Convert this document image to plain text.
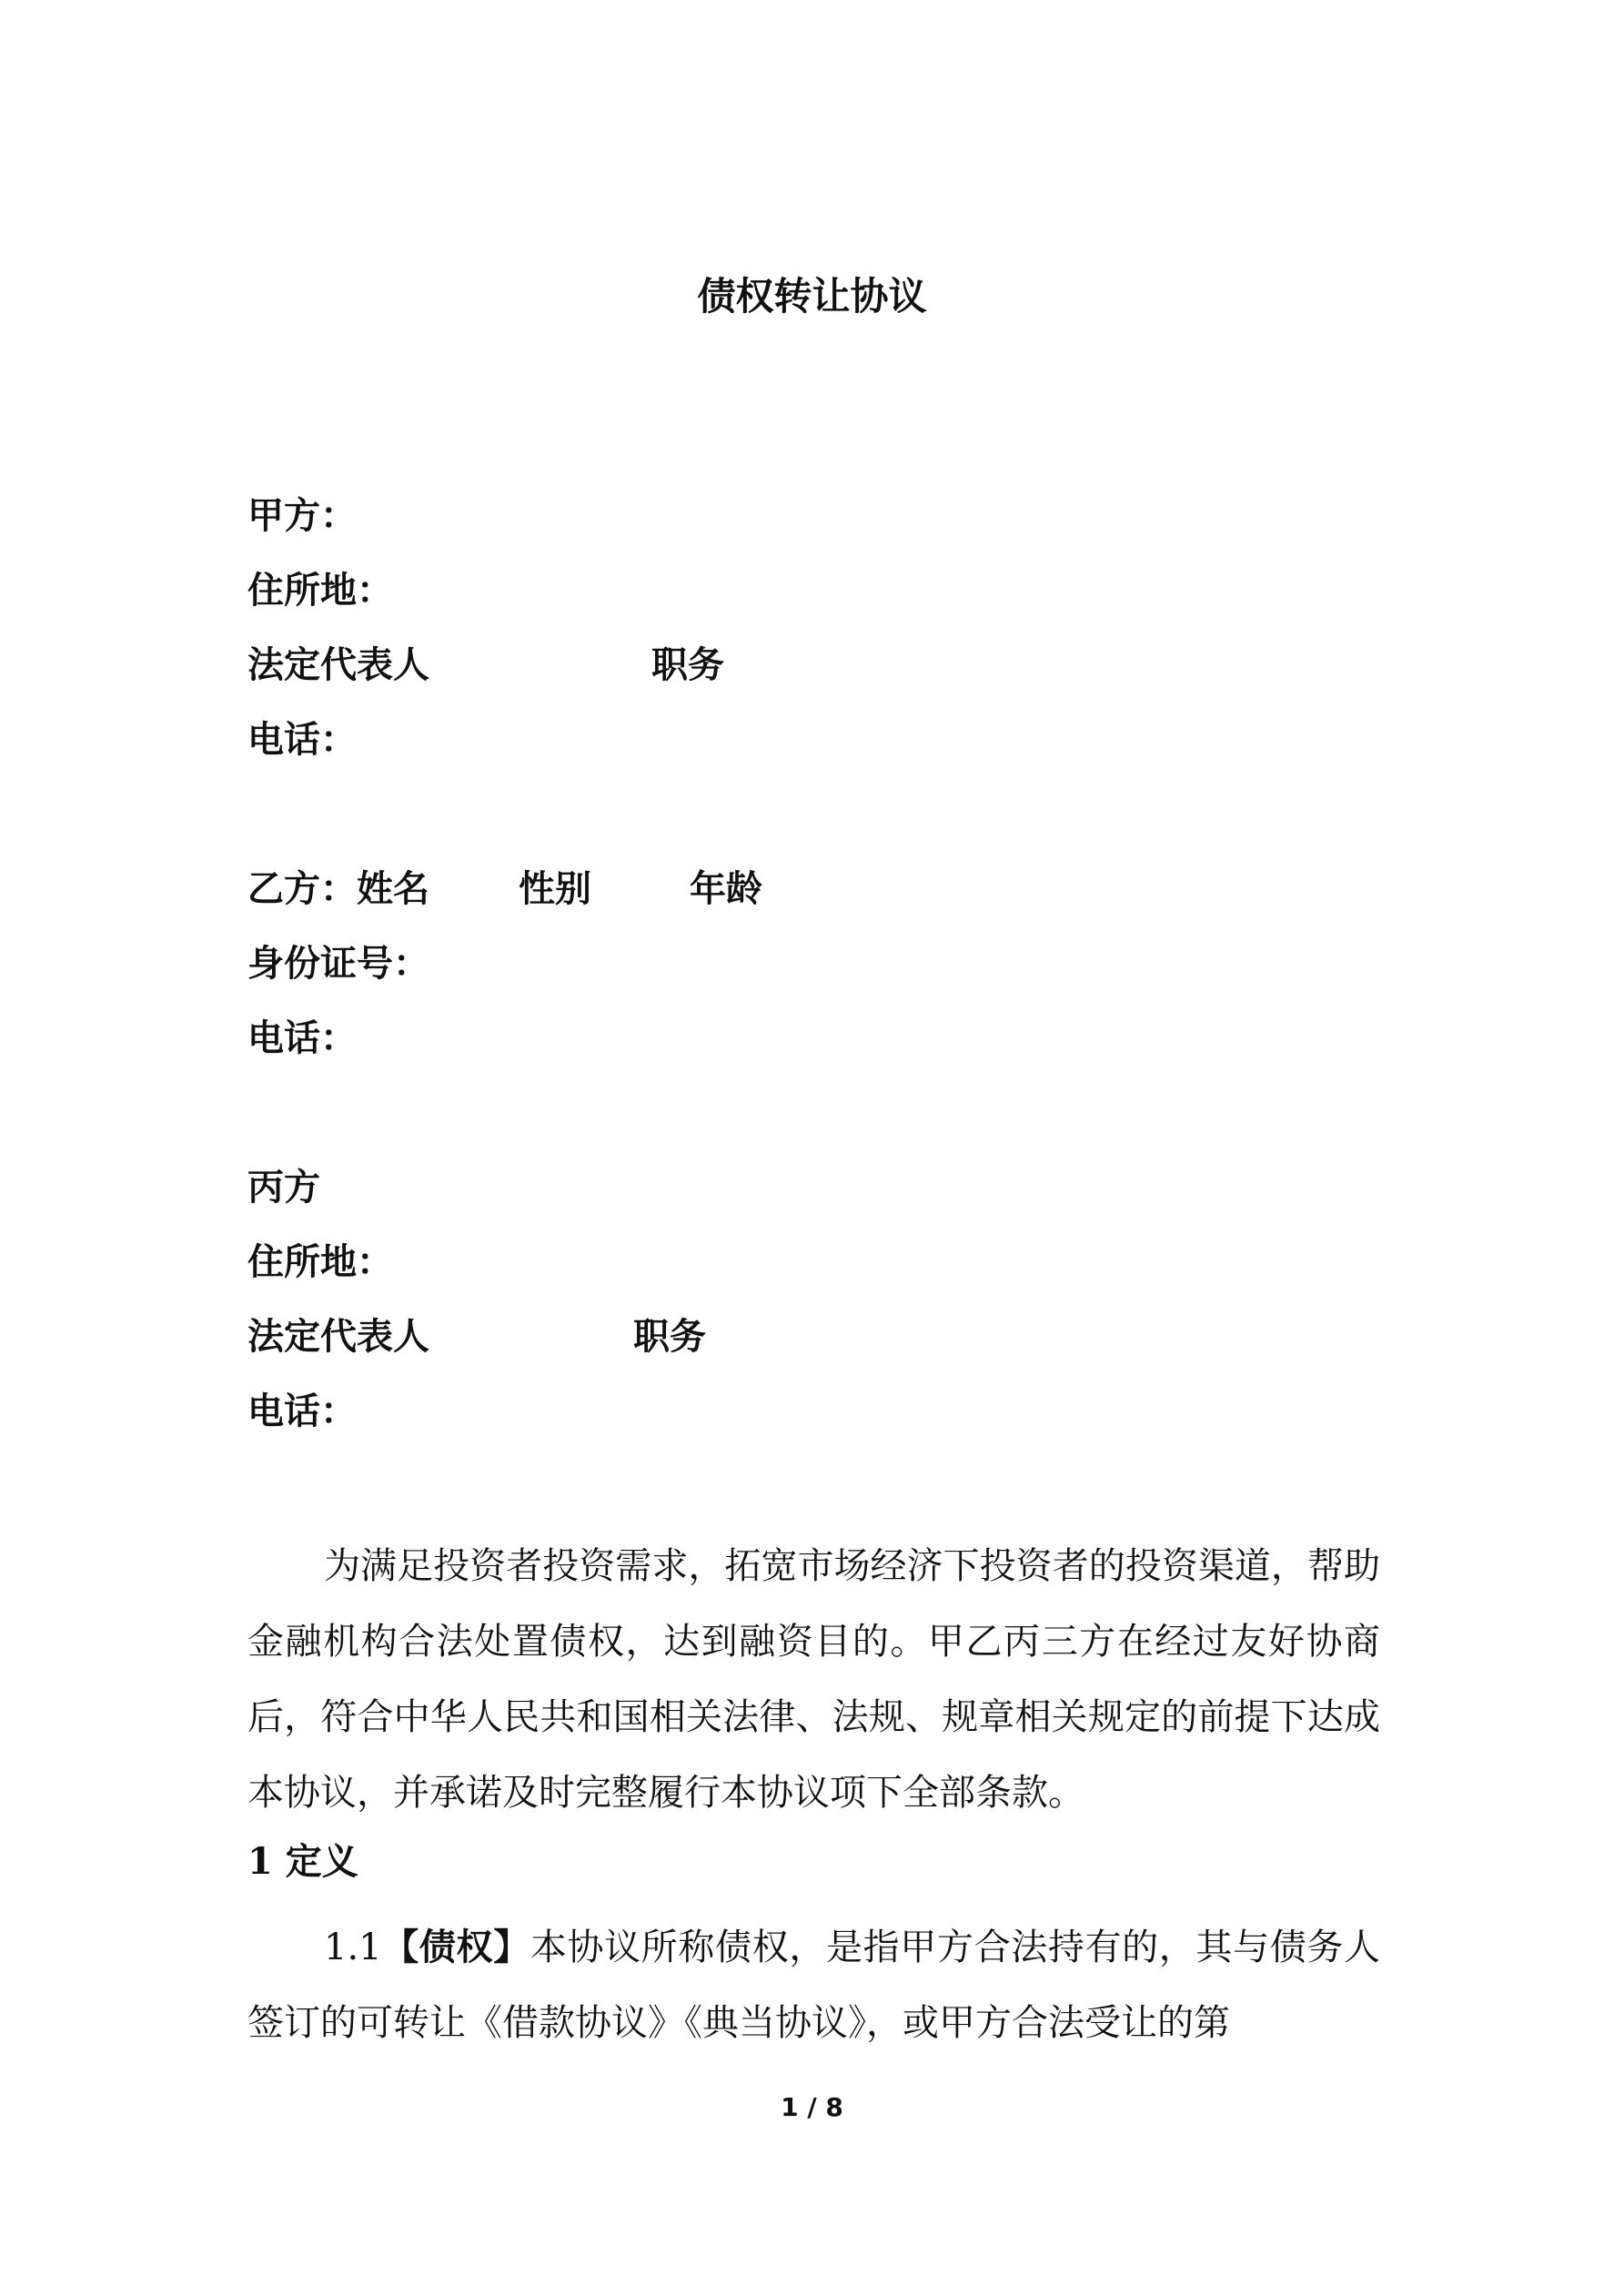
债权转让协议
甲方：
住所地：
法定代表人	职务
电话：
乙方：姓名 性别	年龄
身份证号：
电话：
丙方
住所地：
法定代表人	职务
电话：
为满足投资者投资需求，拓宽市场经济下投资者的投资渠道，帮助金融机构合法处置债权，达到融资目的。甲乙丙三方在经过友好协商后，符合中华人民共和国相关法律、法规、规章相关规定的前提下达成本协议，并承诺及时完整履行本协议项下全部条款。
1 定义
1.1【债权】本协议所称债权，是指甲方合法持有的，其与债务人签订的可转让《借款协议》《典当协议》，或甲方合法受让的第
1 / 8
